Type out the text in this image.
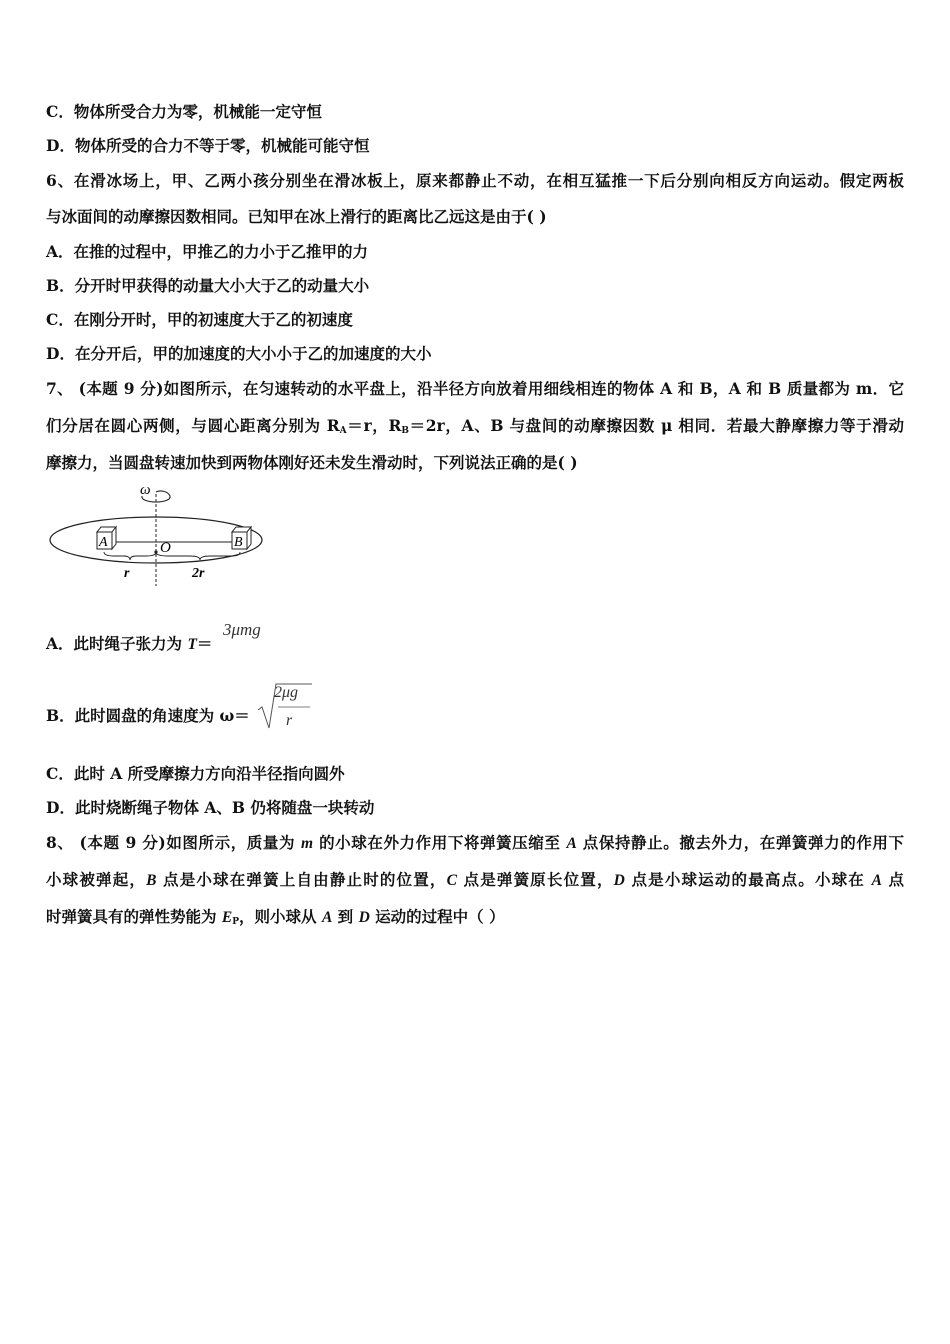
C．物体所受合力为零，机械能一定守恒
D．物体所受的合力不等于零，机械能可能守恒
6、在滑冰场上，甲、乙两小孩分别坐在滑冰板上，原来都静止不动，在相互猛推一下后分别向相反方向运动。假定两板
与冰面间的动摩擦因数相同。已知甲在冰上滑行的距离比乙远这是由于( )
A．在推的过程中，甲推乙的力小于乙推甲的力
B．分开时甲获得的动量大小大于乙的动量大小
C．在刚分开时，甲的初速度大于乙的初速度
D．在分开后，甲的加速度的大小小于乙的加速度的大小
7、 (本题 9 分)如图所示，在匀速转动的水平盘上，沿半径方向放着用细线相连的物体 A 和 B，A 和 B 质量都为 m．它
们分居在圆心两侧，与圆心距离分别为 $R_A=r$，$R_B=2r$，A、B 与盘间的动摩擦因数 μ 相同．若最大静摩擦力等于滑动
摩擦力，当圆盘转速加快到两物体刚好还未发生滑动时，下列说法正确的是( )
ω
A	B
O
r	2r
A．此时绳子张力为 T＝
3μmg
B．此时圆盘的角速度为 ω＝
2μg
r
C．此时 A 所受摩擦力方向沿半径指向圆外
D．此时烧断绳子物体 A、B 仍将随盘一块转动
8、 (本题 9 分)如图所示，质量为 m 的小球在外力作用下将弹簧压缩至 A 点保持静止。撤去外力，在弹簧弹力的作用下
小球被弹起，B 点是小球在弹簧上自由静止时的位置，C 点是弹簧原长位置，D 点是小球运动的最高点。小球在 A 点
时弹簧具有的弹性势能为 $E_P$，则小球从 A 到 D 运动的过程中（ ）
